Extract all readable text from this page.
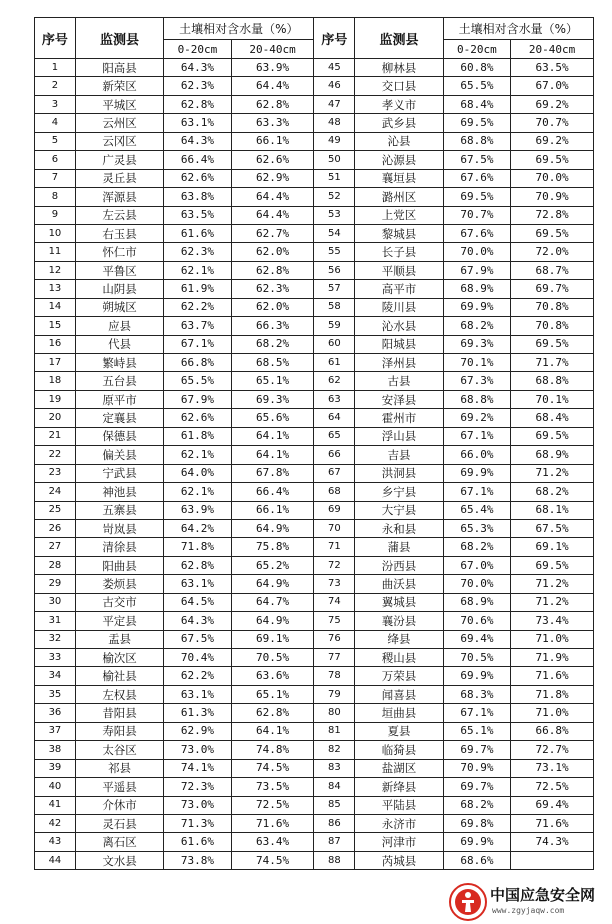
序号	监测县	土壤相对含水量（%）		序号	监测县	土壤相对含水量（%）	
		0-20cm	20-40cm			0-20cm	20-40cm
1	阳高县	64.3%	63.9%	45	柳林县	60.8%	63.5%
2	新荣区	62.3%	64.4%	46	交口县	65.5%	67.0%
3	平城区	62.8%	62.8%	47	孝义市	68.4%	69.2%
4	云州区	63.1%	63.3%	48	武乡县	69.5%	70.7%
5	云冈区	64.3%	66.1%	49	沁县	68.8%	69.2%
6	广灵县	66.4%	62.6%	50	沁源县	67.5%	69.5%
7	灵丘县	62.6%	62.9%	51	襄垣县	67.6%	70.0%
8	浑源县	63.8%	64.4%	52	潞州区	69.5%	70.9%
9	左云县	63.5%	64.4%	53	上党区	70.7%	72.8%
10	右玉县	61.6%	62.7%	54	黎城县	67.6%	69.5%
11	怀仁市	62.3%	62.0%	55	长子县	70.0%	72.0%
12	平鲁区	62.1%	62.8%	56	平顺县	67.9%	68.7%
13	山阴县	61.9%	62.3%	57	高平市	68.9%	69.7%
14	朔城区	62.2%	62.0%	58	陵川县	69.9%	70.8%
15	应县	63.7%	66.3%	59	沁水县	68.2%	70.8%
16	代县	67.1%	68.2%	60	阳城县	69.3%	69.5%
17	繁峙县	66.8%	68.5%	61	泽州县	70.1%	71.7%
18	五台县	65.5%	65.1%	62	古县	67.3%	68.8%
19	原平市	67.9%	69.3%	63	安泽县	68.8%	70.1%
20	定襄县	62.6%	65.6%	64	霍州市	69.2%	68.4%
21	保德县	61.8%	64.1%	65	浮山县	67.1%	69.5%
22	偏关县	62.1%	64.1%	66	吉县	66.0%	68.9%
23	宁武县	64.0%	67.8%	67	洪洞县	69.9%	71.2%
24	神池县	62.1%	66.4%	68	乡宁县	67.1%	68.2%
25	五寨县	63.9%	66.1%	69	大宁县	65.4%	68.1%
26	岢岚县	64.2%	64.9%	70	永和县	65.3%	67.5%
27	清徐县	71.8%	75.8%	71	蒲县	68.2%	69.1%
28	阳曲县	62.8%	65.2%	72	汾西县	67.0%	69.5%
29	娄烦县	63.1%	64.9%	73	曲沃县	70.0%	71.2%
30	古交市	64.5%	64.7%	74	翼城县	68.9%	71.2%
31	平定县	64.3%	64.9%	75	襄汾县	70.6%	73.4%
32	盂县	67.5%	69.1%	76	绛县	69.4%	71.0%
33	榆次区	70.4%	70.5%	77	稷山县	70.5%	71.9%
34	榆社县	62.2%	63.6%	78	万荣县	69.9%	71.6%
35	左权县	63.1%	65.1%	79	闻喜县	68.3%	71.8%
36	昔阳县	61.3%	62.8%	80	垣曲县	67.1%	71.0%
37	寿阳县	62.9%	64.1%	81	夏县	65.1%	66.8%
38	太谷区	73.0%	74.8%	82	临猗县	69.7%	72.7%
39	祁县	74.1%	74.5%	83	盐湖区	70.9%	73.1%
40	平遥县	72.3%	73.5%	84	新绛县	69.7%	72.5%
41	介休市	73.0%	72.5%	85	平陆县	68.2%	69.4%
42	灵石县	71.3%	71.6%	86	永济市	69.8%	71.6%
43	离石区	61.6%	63.4%	87	河津市	69.9%	74.3%
44	文水县	73.8%	74.5%	88	芮城县	68.6%	
中国应急安全网
www.zgyjaqw.com
